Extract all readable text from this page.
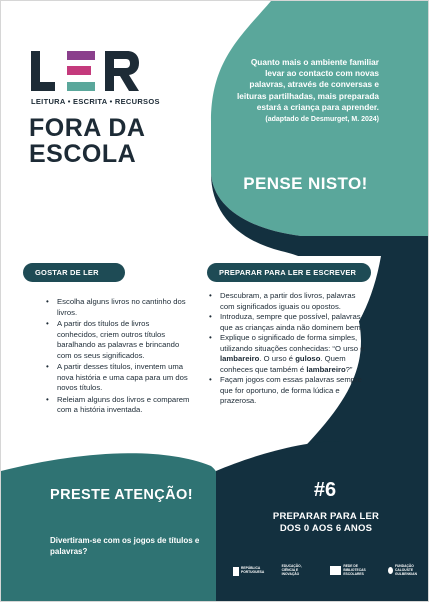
LEITURA • ESCRITA • RECURSOS
FORA DA
ESCOLA
Quanto mais o ambiente familiar levar ao contacto com novas palavras, através de conversas e leituras partilhadas, mais preparada estará a criança para aprender.
(adaptado de Desmurget, M. 2024)
PENSE NISTO!
GOSTAR DE LER
• Escolha alguns livros no cantinho dos livros.
• A partir dos títulos de livros conhecidos, criem outros títulos baralhando as palavras e brincando com os seus significados.
• A partir desses títulos, inventem uma nova história e uma capa para um dos novos títulos.
• Releiam alguns dos livros e comparem com a história inventada.
PREPARAR PARA LER E ESCREVER
• Descubram, a partir dos livros, palavras com significados iguais ou opostos.
• Introduza, sempre que possível, palavras que as crianças ainda não dominem bem.
• Explique o significado de forma simples, utilizando situações conhecidas: “O urso é lambareiro. O urso é guloso. Quem conheces que também é lambareiro?”
• Façam jogos com essas palavras sempre que for oportuno, de forma lúdica e prazerosa.
PRESTE ATENÇÃO!
Divertiram-se com os jogos de títulos e palavras?
#6
PREPARAR PARA LER
DOS 0 AOS 6 ANOS
REPÚBLICA PORTUGUESA
EDUCAÇÃO, CIÊNCIA E INOVAÇÃO
REDE DE BIBLIOTECAS ESCOLARES
FUNDAÇÃO CALOUSTE GULBENKIAN
